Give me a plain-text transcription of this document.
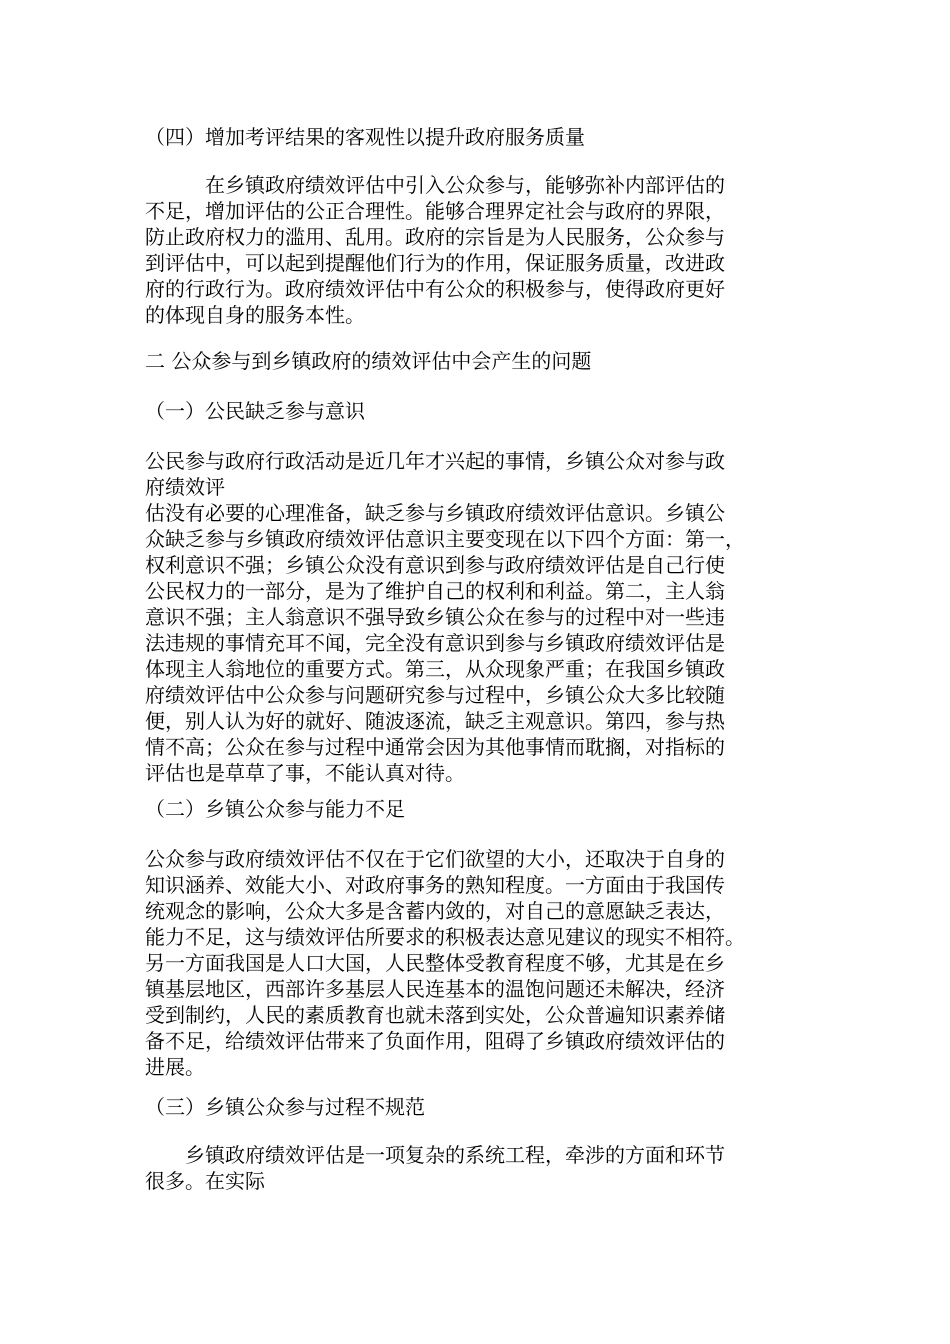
（四）增加考评结果的客观性以提升政府服务质量

　　　在乡镇政府绩效评估中引入公众参与，能够弥补内部评估的
不足，增加评估的公正合理性。能够合理界定社会与政府的界限，
防止政府权力的滥用、乱用。政府的宗旨是为人民服务，公众参与
到评估中，可以起到提醒他们行为的作用，保证服务质量，改进政
府的行政行为。政府绩效评估中有公众的积极参与，使得政府更好
的体现自身的服务本性。

二 公众参与到乡镇政府的绩效评估中会产生的问题

（一）公民缺乏参与意识

公民参与政府行政活动是近几年才兴起的事情，乡镇公众对参与政
府绩效评
估没有必要的心理准备，缺乏参与乡镇政府绩效评估意识。乡镇公
众缺乏参与乡镇政府绩效评估意识主要变现在以下四个方面：第一，
权利意识不强；乡镇公众没有意识到参与政府绩效评估是自己行使
公民权力的一部分，是为了维护自己的权利和利益。第二，主人翁
意识不强；主人翁意识不强导致乡镇公众在参与的过程中对一些违
法违规的事情充耳不闻，完全没有意识到参与乡镇政府绩效评估是
体现主人翁地位的重要方式。第三，从众现象严重；在我国乡镇政
府绩效评估中公众参与问题研究参与过程中，乡镇公众大多比较随
便，别人认为好的就好、随波逐流，缺乏主观意识。第四，参与热
情不高；公众在参与过程中通常会因为其他事情而耽搁，对指标的
评估也是草草了事，不能认真对待。

（二）乡镇公众参与能力不足

公众参与政府绩效评估不仅在于它们欲望的大小，还取决于自身的
知识涵养、效能大小、对政府事务的熟知程度。一方面由于我国传
统观念的影响，公众大多是含蓄内敛的，对自己的意愿缺乏表达，
能力不足，这与绩效评估所要求的积极表达意见建议的现实不相符。
另一方面我国是人口大国，人民整体受教育程度不够，尤其是在乡
镇基层地区，西部许多基层人民连基本的温饱问题还未解决，经济
受到制约，人民的素质教育也就未落到实处，公众普遍知识素养储
备不足，给绩效评估带来了负面作用，阻碍了乡镇政府绩效评估的
进展。

（三）乡镇公众参与过程不规范

　　乡镇政府绩效评估是一项复杂的系统工程，牵涉的方面和环节
很多。在实际
